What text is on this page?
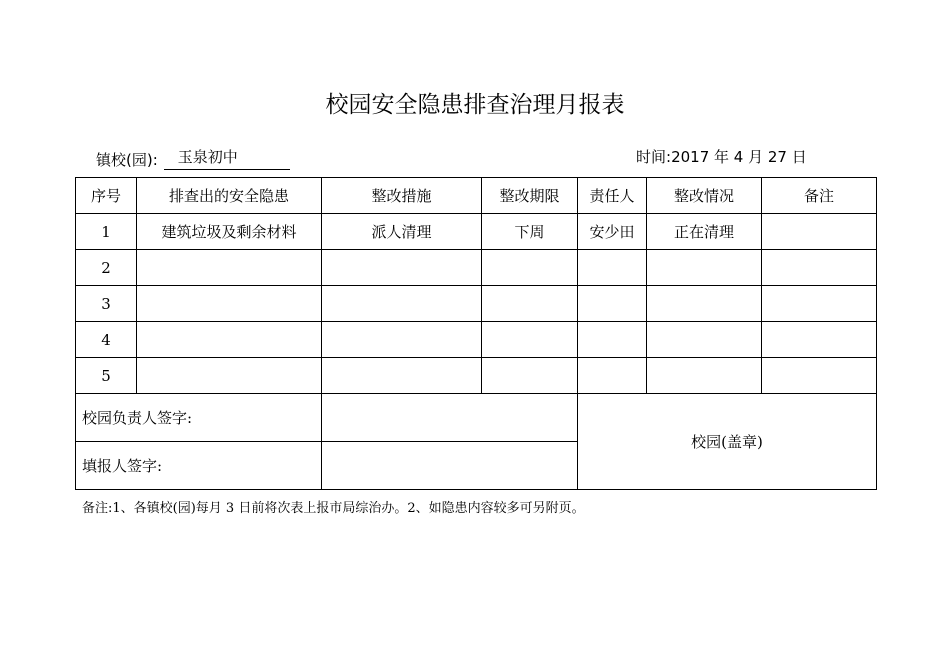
校园安全隐患排查治理月报表
镇校(园):	玉泉初中	时间:2017 年 4 月 27 日
序号	排查出的安全隐患	整改措施	整改期限	责任人	整改情况	备注
1	建筑垃圾及剩余材料	派人清理	下周	安少田	正在清理	
2						
3						
4						
5						
校园负责人签字:				校园(盖章)		
填报人签字:						
备注:1、各镇校(园)每月 3 日前将次表上报市局综治办。2、如隐患内容较多可另附页。
